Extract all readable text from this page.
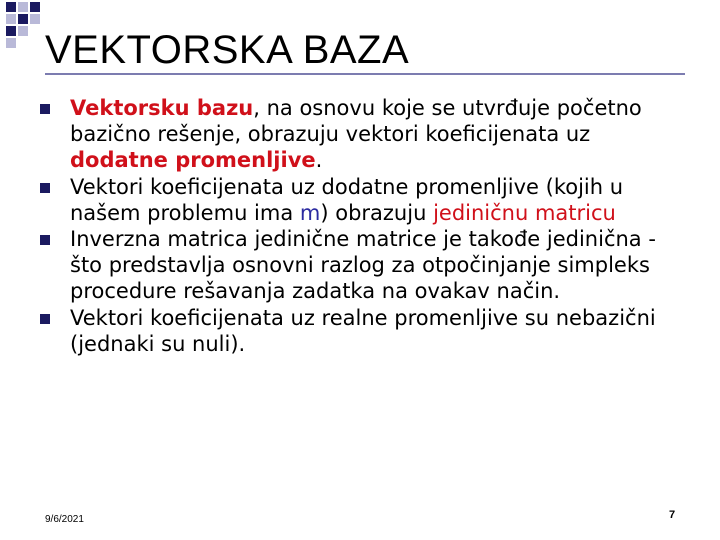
VEKTORSKA BAZA
Vektorsku bazu, na osnovu koje se utvrđuje početno bazično rešenje, obrazuju vektori koeficijenata uz dodatne promenljive.
Vektori koeficijenata uz dodatne promenljive (kojih u našem problemu ima m) obrazuju jediničnu matricu
Inverzna matrica jedinične matrice je takođe jedinična - što predstavlja osnovni razlog za otpočinjanje simpleks procedure rešavanja zadatka na ovakav način.
Vektori koeficijenata uz realne promenljive su nebazični (jednaki su nuli).
9/6/2021	7
